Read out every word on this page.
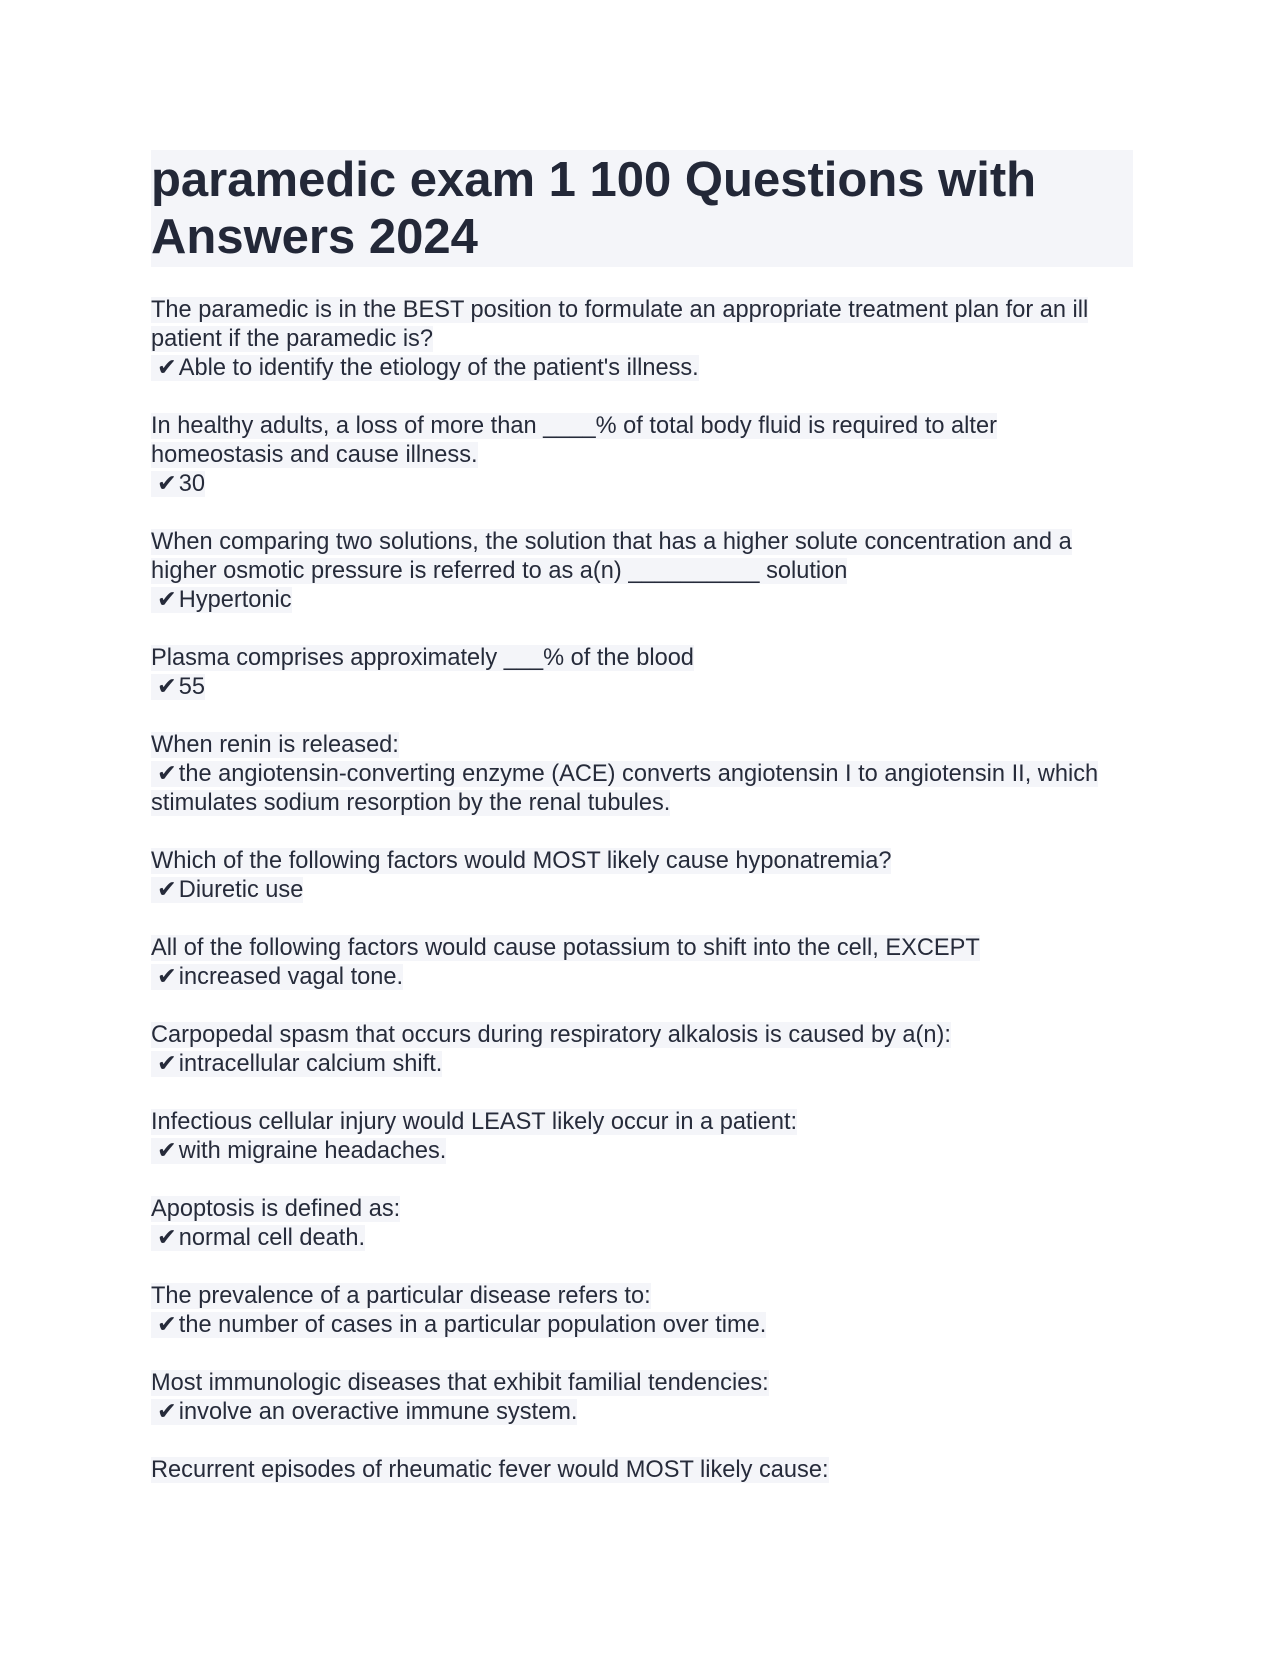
paramedic exam 1 100 Questions with Answers 2024
The paramedic is in the BEST position to formulate an appropriate treatment plan for an ill patient if the paramedic is?
✔Able to identify the etiology of the patient's illness.
In healthy adults, a loss of more than ____% of total body fluid is required to alter homeostasis and cause illness.
✔30
When comparing two solutions, the solution that has a higher solute concentration and a higher osmotic pressure is referred to as a(n) __________ solution
✔Hypertonic
Plasma comprises approximately ___% of the blood
✔55
When renin is released:
✔the angiotensin-converting enzyme (ACE) converts angiotensin I to angiotensin II, which stimulates sodium resorption by the renal tubules.
Which of the following factors would MOST likely cause hyponatremia?
✔Diuretic use
All of the following factors would cause potassium to shift into the cell, EXCEPT
✔increased vagal tone.
Carpopedal spasm that occurs during respiratory alkalosis is caused by a(n):
✔intracellular calcium shift.
Infectious cellular injury would LEAST likely occur in a patient:
✔with migraine headaches.
Apoptosis is defined as:
✔normal cell death.
The prevalence of a particular disease refers to:
✔the number of cases in a particular population over time.
Most immunologic diseases that exhibit familial tendencies:
✔involve an overactive immune system.
Recurrent episodes of rheumatic fever would MOST likely cause:
